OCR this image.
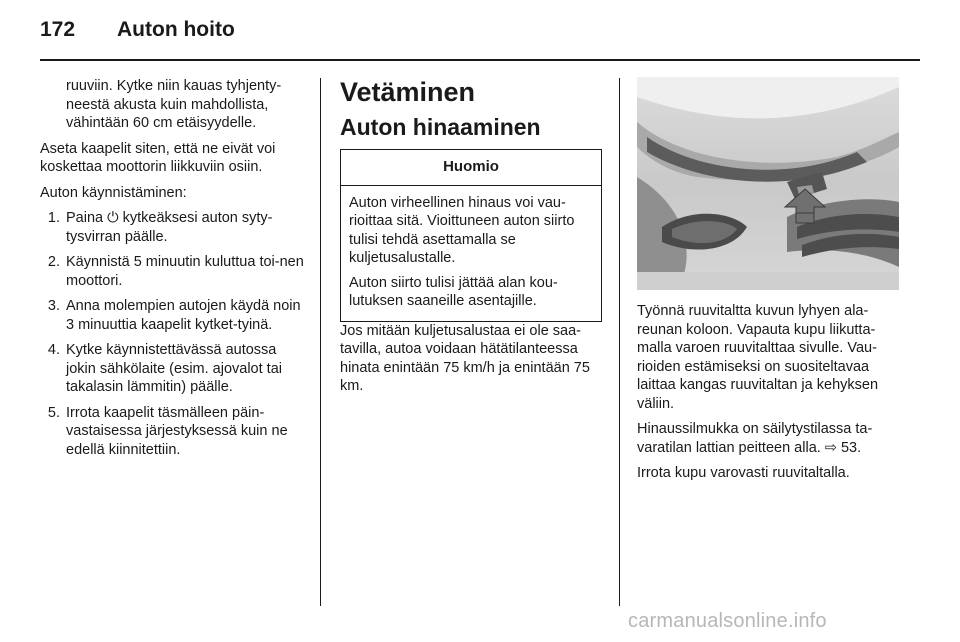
172 Auton hoito

ruuviin. Kytke niin kauas tyhjenty-neestä akusta kuin mahdollista, vähintään 60 cm etäisyydelle.

Aseta kaapelit siten, että ne eivät voi koskettaa moottorin liikkuviin osiin.

Auton käynnistäminen:

1. Paina ⏻ kytkeäksesi auton syty-tysvirran päälle.
2. Käynnistä 5 minuutin kuluttua toi-nen moottori.
3. Anna molempien autojen käydä noin 3 minuuttia kaapelit kytket-tyinä.
4. Kytke käynnistettävässä autossa jokin sähkölaite (esim. ajovalot tai takalasin lämmitin) päälle.
5. Irrota kaapelit täsmälleen päin-vastaisessa järjestyksessä kuin ne edellä kiinnitettiin.
Vetäminen
Auton hinaaminen
Huomio

Auton virheellinen hinaus voi vau-rioittaa sitä. Vioittuneen auton siirto tulisi tehdä asettamalla se kuljetusalustalle.

Auton siirto tulisi jättää alan kou-lutuksen saaneille asentajille.

Jos mitään kuljetusalustaa ei ole saa-tavilla, autoa voidaan hätätilanteessa hinata enintään 75 km/h ja enintään 75 km.

Työnnä ruuvitaltta kuvun lyhyen ala-reunan koloon. Vapauta kupu liikutta-malla varoen ruuvitalttaa sivulle. Vau-rioiden estämiseksi on suositeltavaa laittaa kangas ruuvitaltan ja kehyksen väliin.

Hinaussilmukka on säilytystilassa ta-varatilan lattian peitteen alla. ⇨ 53.

Irrota kupu varovasti ruuvitaltalla.

carmanualsonline.info
